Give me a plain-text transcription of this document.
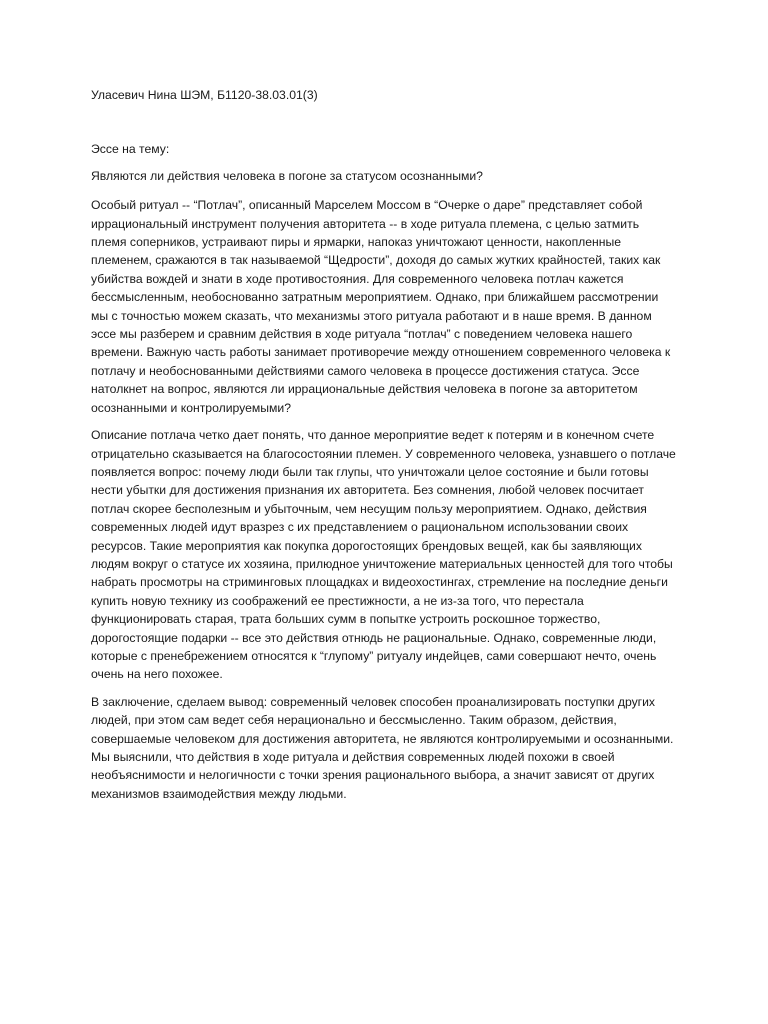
Уласевич Нина ШЭМ, Б1120-38.03.01(3)

Эссе на тему:

Являются ли действия человека в погоне за статусом осознанными?

Особый ритуал -- “Потлач”, описанный Марселем Моссом в “Очерке о даре” представляет собой иррациональный инструмент получения авторитета -- в ходе ритуала племена, с целью затмить племя соперников, устраивают пиры и ярмарки, напоказ уничтожают ценности, накопленные племенем, сражаются в так называемой “Щедрости”, доходя до самых жутких крайностей, таких как убийства вождей и знати в ходе противостояния. Для современного человека потлач кажется бессмысленным, необоснованно затратным мероприятием. Однако, при ближайшем рассмотрении мы с точностью можем сказать, что механизмы этого ритуала работают и в наше время. В данном эссе мы разберем и сравним действия в ходе ритуала “потлач” с поведением человека нашего времени. Важную часть работы занимает противоречие между отношением современного человека к потлачу и необоснованными действиями самого человека в процессе достижения статуса. Эссе натолкнет на вопрос, являются ли иррациональные действия человека в погоне за авторитетом осознанными и контролируемыми?

Описание потлача четко дает понять, что данное мероприятие ведет к потерям и в конечном счете отрицательно сказывается на благосостоянии племен. У современного человека, узнавшего о потлаче появляется вопрос: почему люди были так глупы, что уничтожали целое состояние и были готовы нести убытки для достижения признания их авторитета. Без сомнения, любой человек посчитает потлач скорее бесполезным и убыточным, чем несущим пользу мероприятием. Однако, действия современных людей идут вразрез с их представлением о рациональном использовании своих ресурсов. Такие мероприятия как покупка дорогостоящих брендовых вещей, как бы заявляющих людям вокруг о статусе их хозяина, прилюдное уничтожение материальных ценностей для того чтобы набрать просмотры на стриминговых площадках и видеохостингах, стремление на последние деньги купить новую технику из соображений ее престижности, а не из-за того, что перестала функционировать старая, трата больших сумм в попытке устроить роскошное торжество, дорогостоящие подарки -- все это действия отнюдь не рациональные. Однако, современные люди, которые с пренебрежением относятся к “глупому” ритуалу индейцев, сами совершают нечто, очень очень на него похожее.

В заключение, сделаем вывод: современный человек способен проанализировать поступки других людей, при этом сам ведет себя нерационально и бессмысленно. Таким образом, действия, совершаемые человеком для достижения авторитета, не являются контролируемыми и осознанными. Мы выяснили, что действия в ходе ритуала и действия современных людей похожи в своей необъяснимости и нелогичности с точки зрения рационального выбора, а значит зависят от других механизмов взаимодействия между людьми.
